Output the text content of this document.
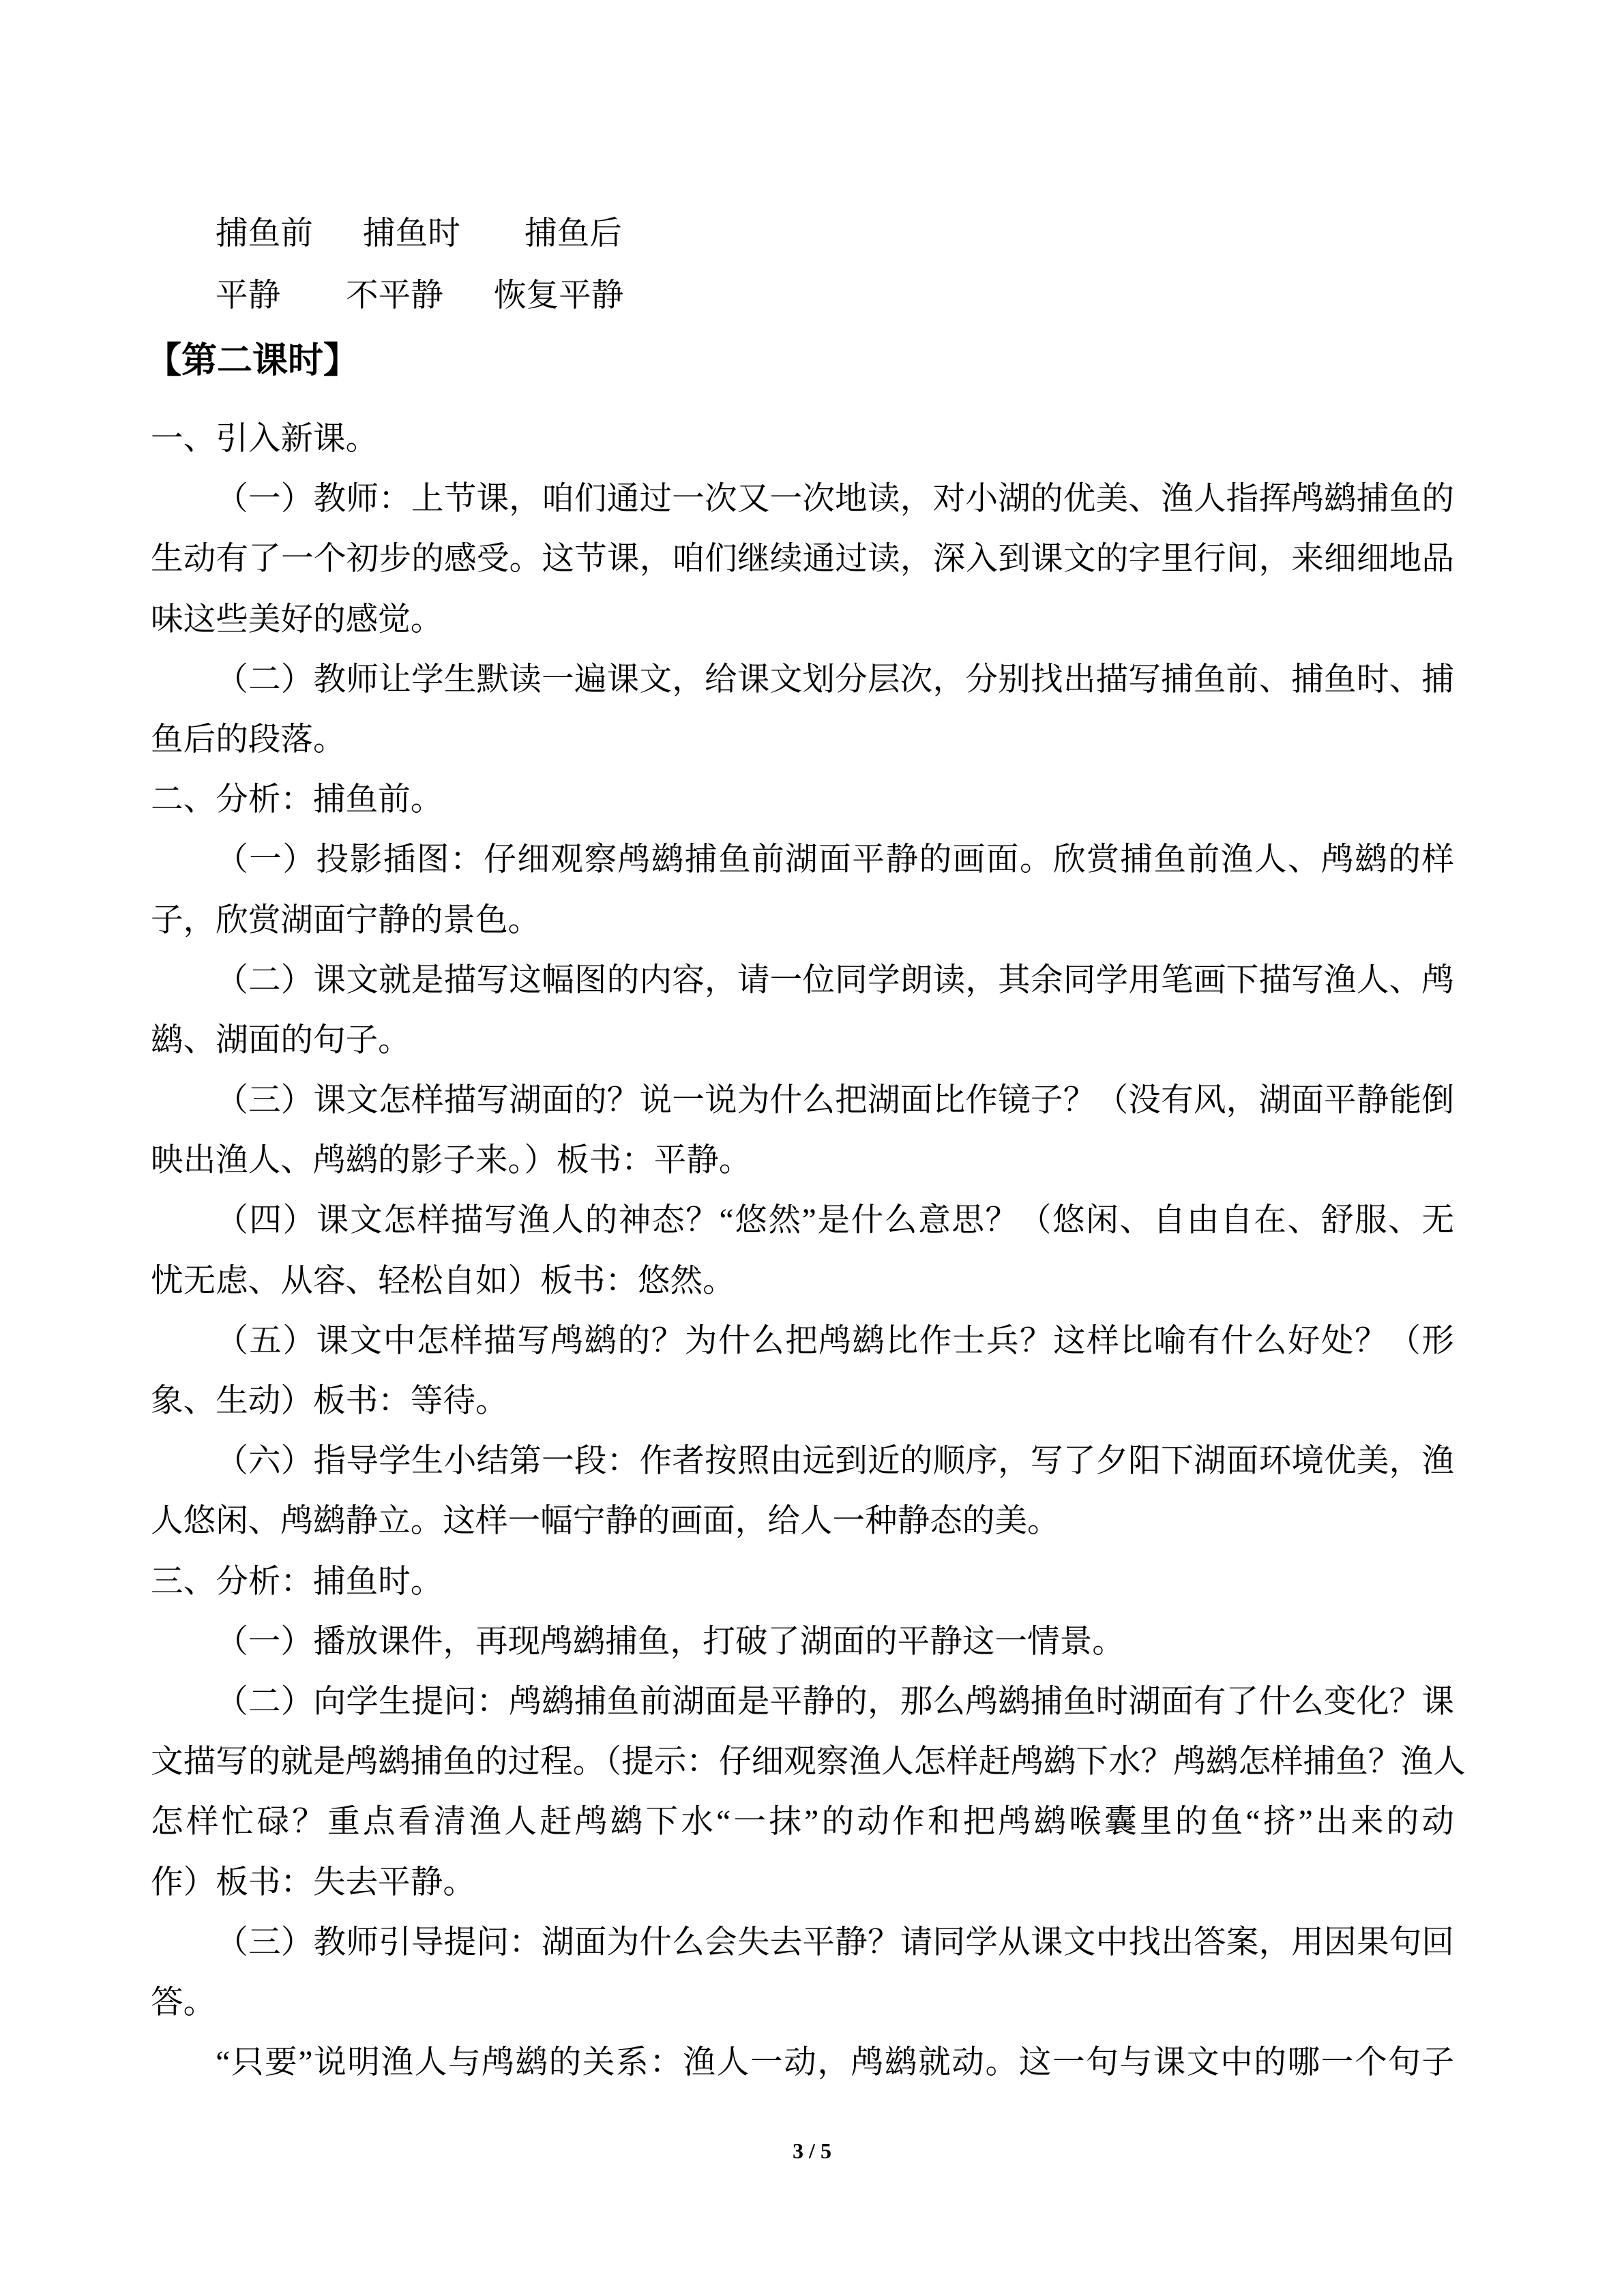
捕鱼前 捕鱼时 捕鱼后
平静 不平静 恢复平静
【第二课时】
一、引入新课。
（一）教师：上节课，咱们通过一次又一次地读，对小湖的优美、渔人指挥鸬鹚捕鱼的
生动有了一个初步的感受。这节课，咱们继续通过读，深入到课文的字里行间，来细细地品
味这些美好的感觉。
（二）教师让学生默读一遍课文，给课文划分层次，分别找出描写捕鱼前、捕鱼时、捕
鱼后的段落。
二、分析：捕鱼前。
（一）投影插图：仔细观察鸬鹚捕鱼前湖面平静的画面。欣赏捕鱼前渔人、鸬鹚的样
子，欣赏湖面宁静的景色。
（二）课文就是描写这幅图的内容，请一位同学朗读，其余同学用笔画下描写渔人、鸬
鹚、湖面的句子。
（三）课文怎样描写湖面的？说一说为什么把湖面比作镜子？（没有风，湖面平静能倒
映出渔人、鸬鹚的影子来。）板书：平静。
（四）课文怎样描写渔人的神态？“悠然”是什么意思？（悠闲、自由自在、舒服、无
忧无虑、从容、轻松自如）板书：悠然。
（五）课文中怎样描写鸬鹚的？为什么把鸬鹚比作士兵？这样比喻有什么好处？（形
象、生动）板书：等待。
（六）指导学生小结第一段：作者按照由远到近的顺序，写了夕阳下湖面环境优美，渔
人悠闲、鸬鹚静立。这样一幅宁静的画面，给人一种静态的美。
三、分析：捕鱼时。
（一）播放课件，再现鸬鹚捕鱼，打破了湖面的平静这一情景。
（二）向学生提问：鸬鹚捕鱼前湖面是平静的，那么鸬鹚捕鱼时湖面有了什么变化？课
文描写的就是鸬鹚捕鱼的过程。（提示：仔细观察渔人怎样赶鸬鹚下水？鸬鹚怎样捕鱼？渔人
怎样忙碌？重点看清渔人赶鸬鹚下水“一抹”的动作和把鸬鹚喉囊里的鱼“挤”出来的动
作）板书：失去平静。
（三）教师引导提问：湖面为什么会失去平静？请同学从课文中找出答案，用因果句回
答。
“只要”说明渔人与鸬鹚的关系：渔人一动，鸬鹚就动。这一句与课文中的哪一个句子
3 / 5
